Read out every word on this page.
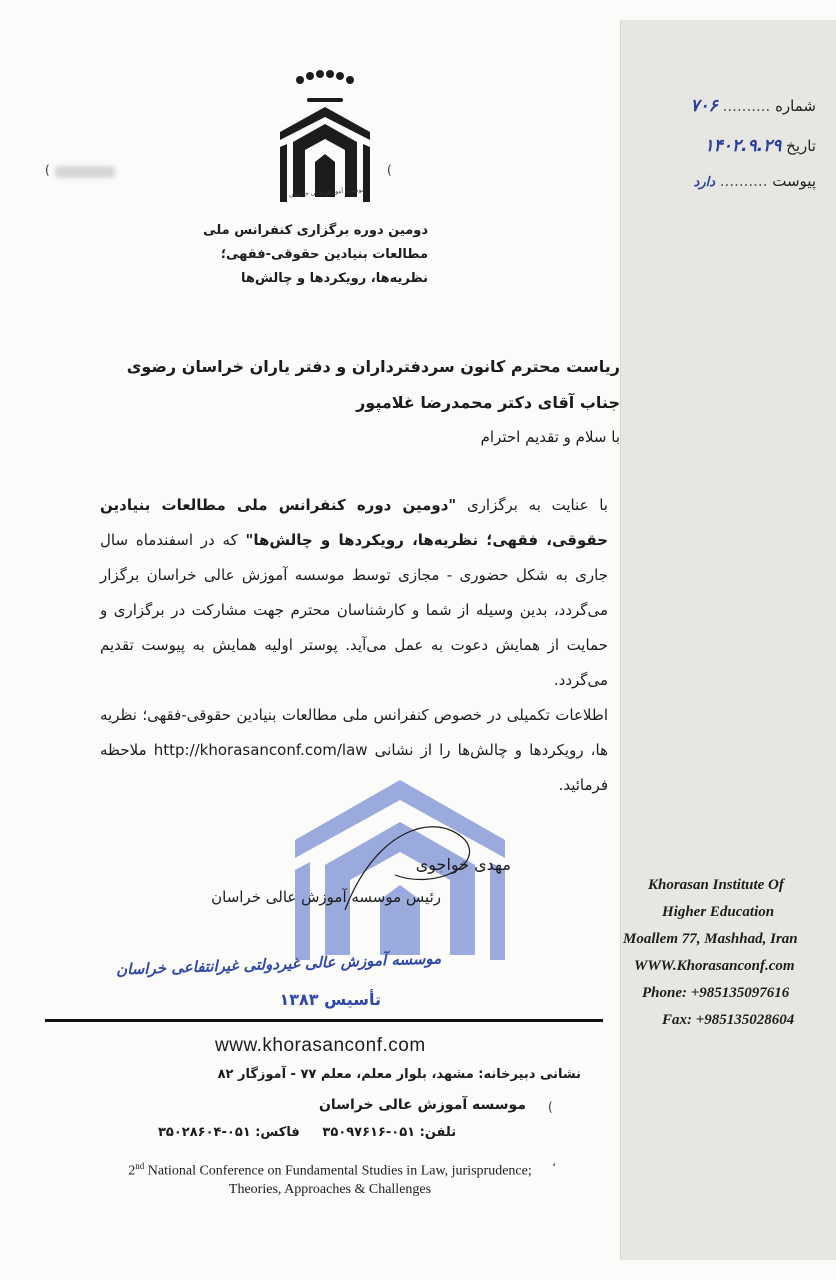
شماره .......... ۷۰۶
تاریخ ۱۴۰۲.۹.۲۹
پیوست .......... دارد
موسسه آموزش عالی خراسان
(	(
دومین دوره برگزاری کنفرانس ملی
مطالعات بنیادین حقوقی-فقهی؛
نظریه‌ها، رویکردها و چالش‌ها
ریاست محترم کانون سردفترداران و دفتر یاران خراسان رضوی
جناب آقای دکتر محمدرضا غلامپور
با سلام و تقدیم احترام
با عنایت به برگزاری "دومین دوره کنفرانس ملی مطالعات بنیادین حقوقی، فقهی؛ نظریه‌ها، رویکردها و چالش‌ها" که در اسفندماه سال جاری به شکل حضوری - مجازی توسط موسسه آموزش عالی خراسان برگزار می‌گردد، بدین وسیله از شما و کارشناسان محترم جهت مشارکت در برگزاری و حمایت از همایش دعوت به عمل می‌آید. پوستر اولیه همایش به پیوست تقدیم می‌گردد.
اطلاعات تکمیلی در خصوص کنفرانس ملی مطالعات بنیادین حقوقی-فقهی؛ نظریه ها، رویکردها و چالش‌ها را از نشانی http://khorasanconf.com/law ملاحظه فرمائید.
مهدی خواجوی
رئیس موسسه آموزش عالی خراسان
موسسه آموزش عالی غیردولتی غیرانتفاعی خراسان
تأسیس ۱۳۸۳
Khorasan Institute Of
Higher Education
Moallem 77, Mashhad, Iran
WWW.Khorasanconf.com
Phone: +985135097616
Fax: +985135028604
www.khorasanconf.com
نشانی دبیرخانه: مشهد، بلوار معلم، معلم ۷۷ - آموزگار ۸۲
(
موسسه آموزش عالی خراسان
تلفن: ۰۵۱-۳۵۰۹۷۶۱۶     فاکس: ۰۵۱-۳۵۰۲۸۶۰۴
،
2nd National Conference on Fundamental Studies in Law, jurisprudence;
Theories, Approaches & Challenges
